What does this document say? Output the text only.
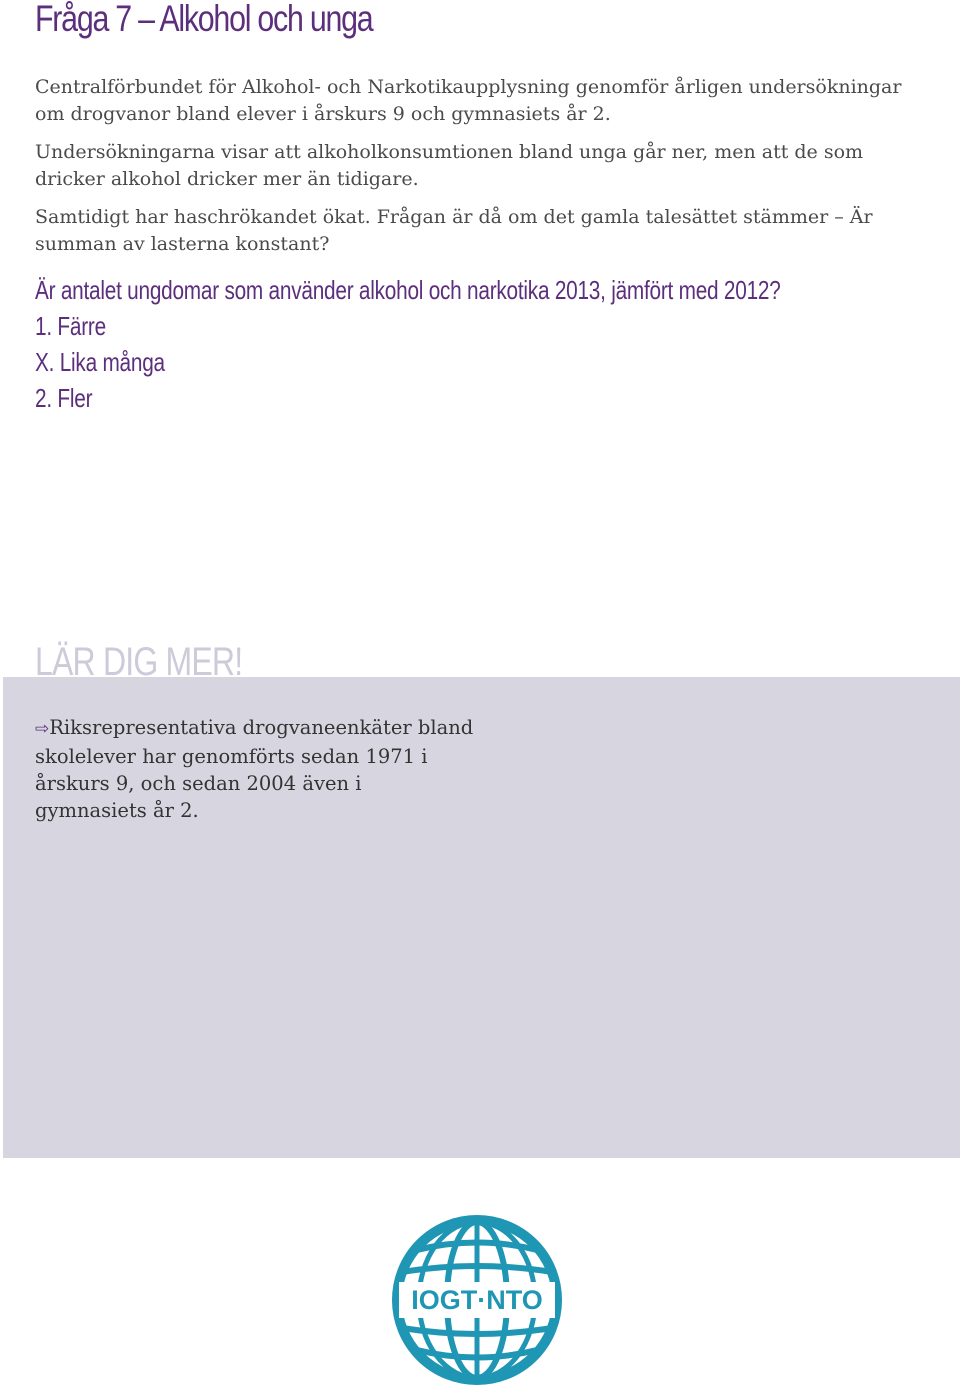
Fråga 7 – Alkohol och unga

Centralförbundet för Alkohol- och Narkotikaupplysning genomför årligen undersökningar om drogvanor bland elever i årskurs 9 och gymnasiets år 2.

Undersökningarna visar att alkoholkonsumtionen bland unga går ner, men att de som dricker alkohol dricker mer än tidigare.

Samtidigt har haschrökandet ökat. Frågan är då om det gamla talesättet stämmer – Är summan av lasterna konstant?

Är antalet ungdomar som använder alkohol och narkotika 2013, jämfört med 2012?
1. Färre
X. Lika många
2. Fler
LÄR DIG MER!
⇨Riksrepresentativa drogvaneenkäter bland skolelever har genomförts sedan 1971 i årskurs 9, och sedan 2004 även i gymnasiets år 2.
IOGT·NTO
